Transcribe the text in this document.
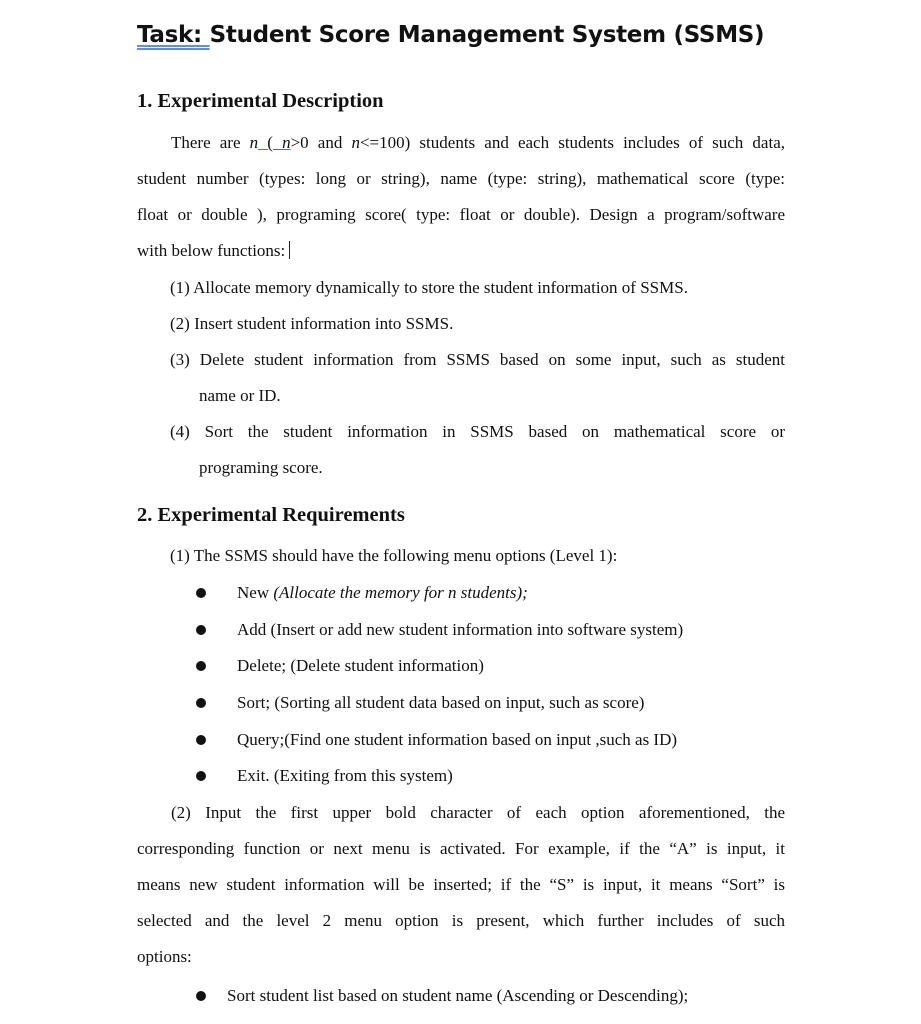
Task: Student Score Management System (SSMS)
1. Experimental Description
There are n ( n>0 and n<=100) students and each students includes of such data,
student number (types: long or string), name (type: string), mathematical score (type:
float or double ), programing score( type: float or double). Design a program/software
with below functions:
(1) Allocate memory dynamically to store the student information of SSMS.
(2) Insert student information into SSMS.
(3) Delete student information from SSMS based on some input, such as student
name or ID.
(4) Sort the student information in SSMS based on mathematical score or
programing score.
2. Experimental Requirements
(1) The SSMS should have the following menu options (Level 1):
New (Allocate the memory for n students);
Add (Insert or add new student information into software system)
Delete; (Delete student information)
Sort; (Sorting all student data based on input, such as score)
Query;(Find one student information based on input ,such as ID)
Exit. (Exiting from this system)
(2) Input the first upper bold character of each option aforementioned, the
corresponding function or next menu is activated. For example, if the “A” is input, it
means new student information will be inserted; if the “S” is input, it means “Sort” is
selected and the level 2 menu option is present, which further includes of such
options:
Sort student list based on student name (Ascending or Descending);
